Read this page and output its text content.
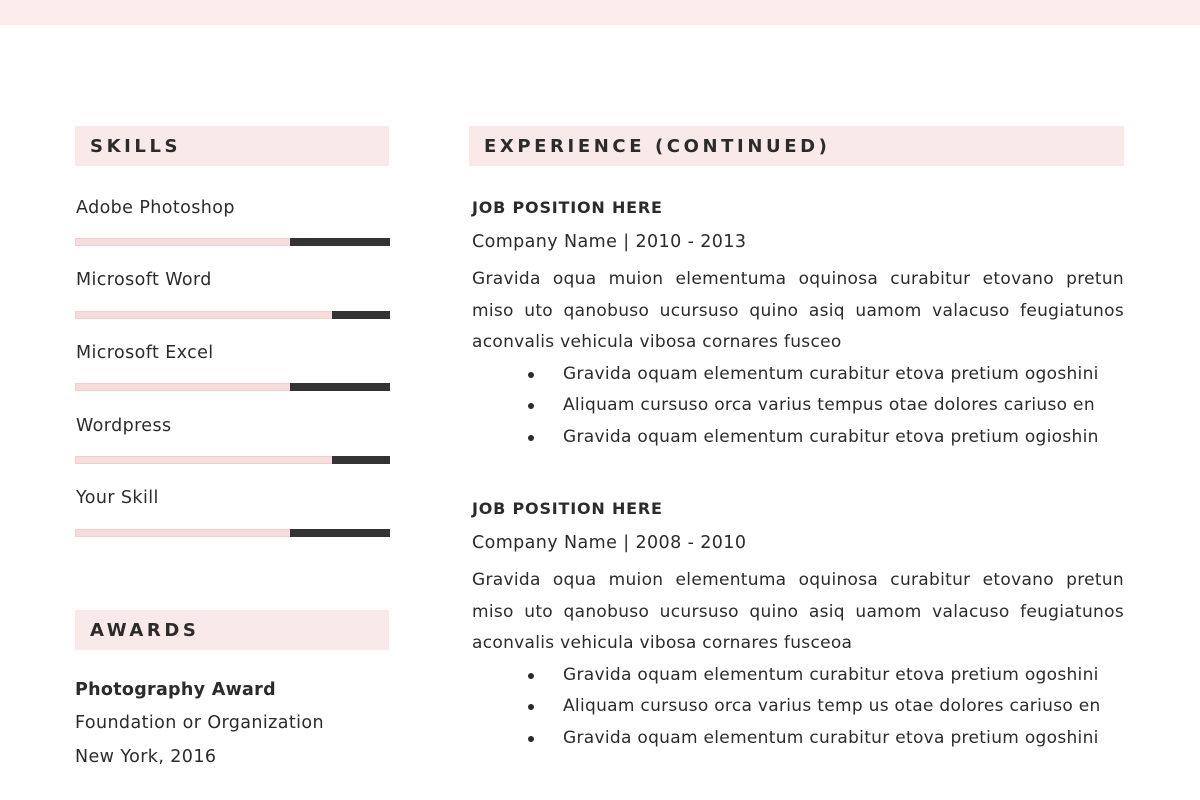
SKILLS
Adobe Photoshop
Microsoft Word
Microsoft Excel
Wordpress
Your Skill
AWARDS
Photography Award
Foundation or Organization
New York, 2016
EXPERIENCE (CONTINUED)
JOB POSITION HERE
Company Name | 2010 - 2013
Gravida oqua muion elementuma oquinosa curabitur etovano pretun miso uto qanobuso ucursuso quino asiq uamom valacuso feugiatunos aconvalis vehicula vibosa cornares fusceo
Gravida oquam elementum curabitur etova pretium ogoshini
Aliquam cursuso orca varius tempus otae dolores cariuso en
Gravida oquam elementum curabitur etova pretium ogioshin
JOB POSITION HERE
Company Name | 2008 - 2010
Gravida oqua muion elementuma oquinosa curabitur etovano pretun miso uto qanobuso ucursuso quino asiq uamom valacuso feugiatunos aconvalis vehicula vibosa cornares fusceoa
Gravida oquam elementum curabitur etova pretium ogoshini
Aliquam cursuso orca varius temp us otae dolores cariuso en
Gravida oquam elementum curabitur etova pretium ogoshini
